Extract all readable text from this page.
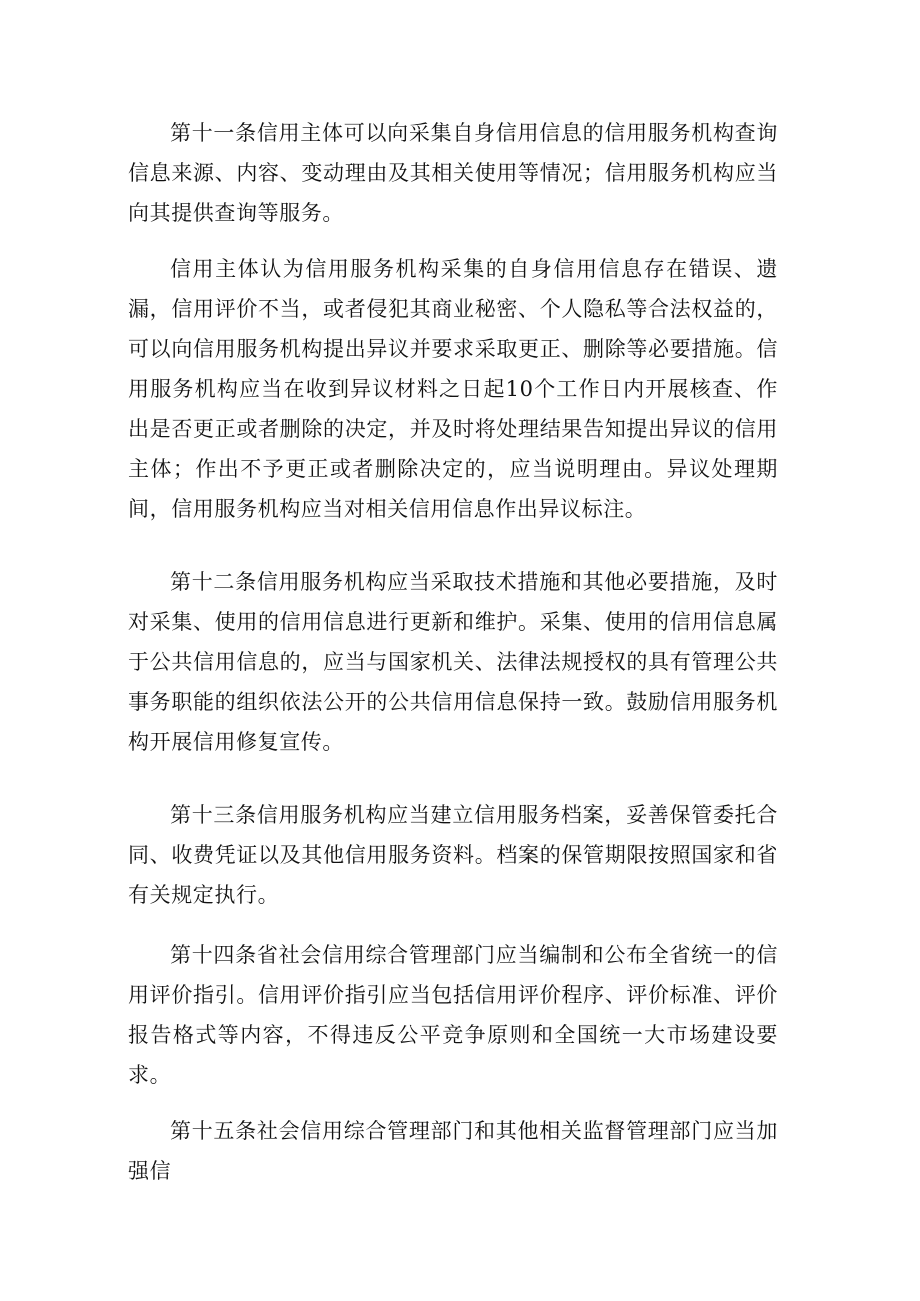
第十一条信用主体可以向采集自身信用信息的信用服务机构查询信息来源、内容、变动理由及其相关使用等情况；信用服务机构应当向其提供查询等服务。

信用主体认为信用服务机构采集的自身信用信息存在错误、遗漏，信用评价不当，或者侵犯其商业秘密、个人隐私等合法权益的，可以向信用服务机构提出异议并要求采取更正、删除等必要措施。信用服务机构应当在收到异议材料之日起10个工作日内开展核查、作出是否更正或者删除的决定，并及时将处理结果告知提出异议的信用主体；作出不予更正或者删除决定的，应当说明理由。异议处理期间，信用服务机构应当对相关信用信息作出异议标注。

第十二条信用服务机构应当采取技术措施和其他必要措施，及时对采集、使用的信用信息进行更新和维护。采集、使用的信用信息属于公共信用信息的，应当与国家机关、法律法规授权的具有管理公共事务职能的组织依法公开的公共信用信息保持一致。鼓励信用服务机构开展信用修复宣传。

第十三条信用服务机构应当建立信用服务档案，妥善保管委托合同、收费凭证以及其他信用服务资料。档案的保管期限按照国家和省有关规定执行。

第十四条省社会信用综合管理部门应当编制和公布全省统一的信用评价指引。信用评价指引应当包括信用评价程序、评价标准、评价报告格式等内容，不得违反公平竞争原则和全国统一大市场建设要求。

第十五条社会信用综合管理部门和其他相关监督管理部门应当加强信
